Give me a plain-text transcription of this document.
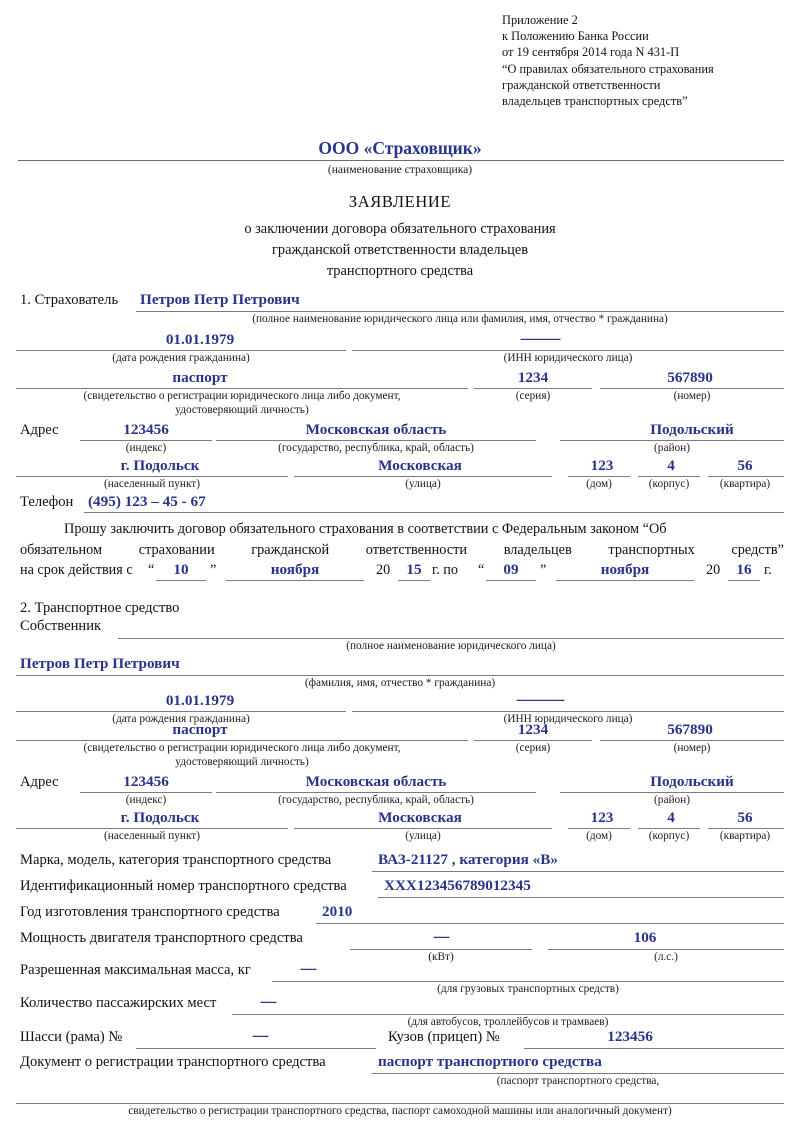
Приложение 2
к Положению Банка России
от 19 сентября 2014 года N 431-П
“О правилах обязательного страхования
гражданской ответственности
владельцев транспортных средств”
ООО «Страховщик»
(наименование страховщика)
ЗАЯВЛЕНИЕ
о заключении договора обязательного страхования
гражданской ответственности владельцев
транспортного средства
1. Страхователь Петров Петр Петрович
(полное наименование юридического лица или фамилия, имя, отчество * гражданина)
01.01.1979	----------
(дата рождения гражданина)	(ИНН юридического лица)
паспорт	1234	567890
(свидетельство о регистрации юридического лица либо документ,
удостоверяющий личность)
(серия)	(номер)
Адрес	123456	Московская область	Подольский
(индекс)	(государство, республика, край, область)	(район)
г. Подольск	Московская	123	4	56
(населенный пункт)	(улица)	(дом)	(корпус)	(квартира)
Телефон (495) 123 – 45 - 67
Прошу заключить договор обязательного страхования в соответствии с Федеральным законом “Об
обязательном страховании гражданской ответственности владельцев транспортных средств”
на срок действия с “	10	”	ноября	20	15 г. по “	09	”	ноября	20	16 г.
2. Транспортное средство
Собственник
(полное наименование юридического лица)
Петров Петр Петрович
(фамилия, имя, отчество * гражданина)
01.01.1979	------------
(дата рождения гражданина)	(ИНН юридического лица)
паспорт	1234	567890
(свидетельство о регистрации юридического лица либо документ,
удостоверяющий личность)
(серия)	(номер)
Адрес	123456	Московская область	Подольский
(индекс)	(государство, республика, край, область)	(район)
г. Подольск	Московская	123	4	56
(населенный пункт)	(улица)	(дом)	(корпус)	(квартира)
Марка, модель, категория транспортного средства	ВАЗ-21127 , категория «В»
Идентификационный номер транспортного средства XXX123456789012345
Год изготовления транспортного средства	2010
Мощность двигателя транспортного средства	----	106
(кВт)	(л.с.)
Разрешенная максимальная масса, кг	----
(для грузовых транспортных средств)
Количество пассажирских мест	----
(для автобусов, троллейбусов и трамваев)
Шасси (рама) №	----	Кузов (прицеп) №	123456
Документ о регистрации транспортного средства	паспорт транспортного средства
(паспорт транспортного средства,
свидетельство о регистрации транспортного средства, паспорт самоходной машины или аналогичный документ)
